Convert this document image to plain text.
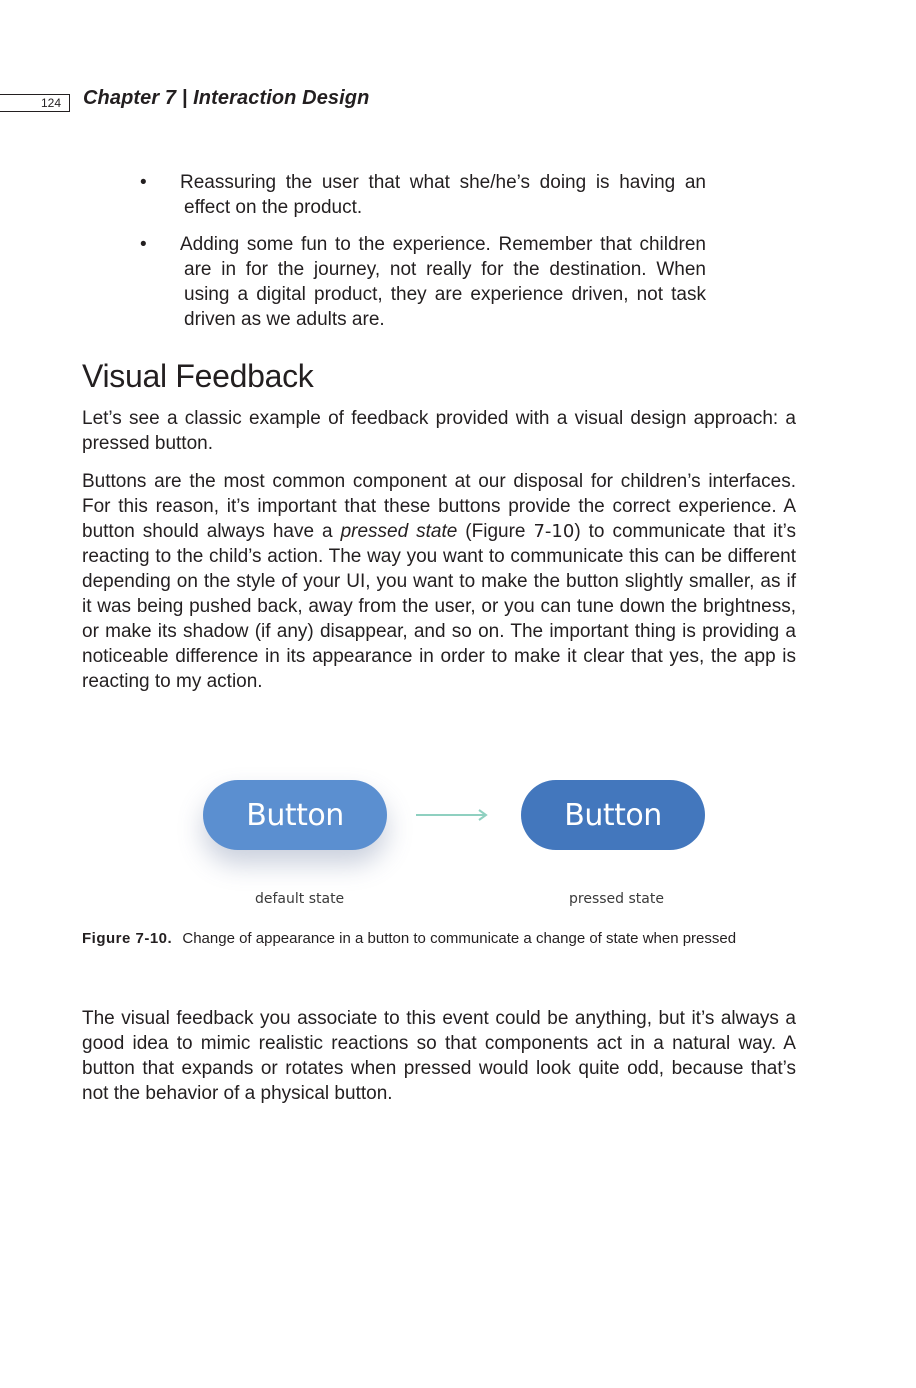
124	Chapter 7 | Interaction Design
•	Reassuring the user that what she/he’s doing is having an effect on the product.
•	Adding some fun to the experience. Remember that children are in for the journey, not really for the destination. When using a digital product, they are experience driven, not task driven as we adults are.
Visual Feedback

Let’s see a classic example of feedback provided with a visual design approach: a pressed button.

Buttons are the most common component at our disposal for children’s interfaces. For this reason, it’s important that these buttons provide the correct experience. A button should always have a pressed state (Figure 7-10) to communicate that it’s reacting to the child’s action. The way you want to communicate this can be different depending on the style of your UI, you want to make the button slightly smaller, as if it was being pushed back, away from the user, or you can tune down the brightness, or make its shadow (if any) disappear, and so on. The important thing is providing a noticeable difference in its appearance in order to make it clear that yes, the app is reacting to my action.

Button	Button
default state	pressed state
Figure 7-10. Change of appearance in a button to communicate a change of state when pressed

The visual feedback you associate to this event could be anything, but it’s always a good idea to mimic realistic reactions so that components act in a natural way. A button that expands or rotates when pressed would look quite odd, because that’s not the behavior of a physical button.
